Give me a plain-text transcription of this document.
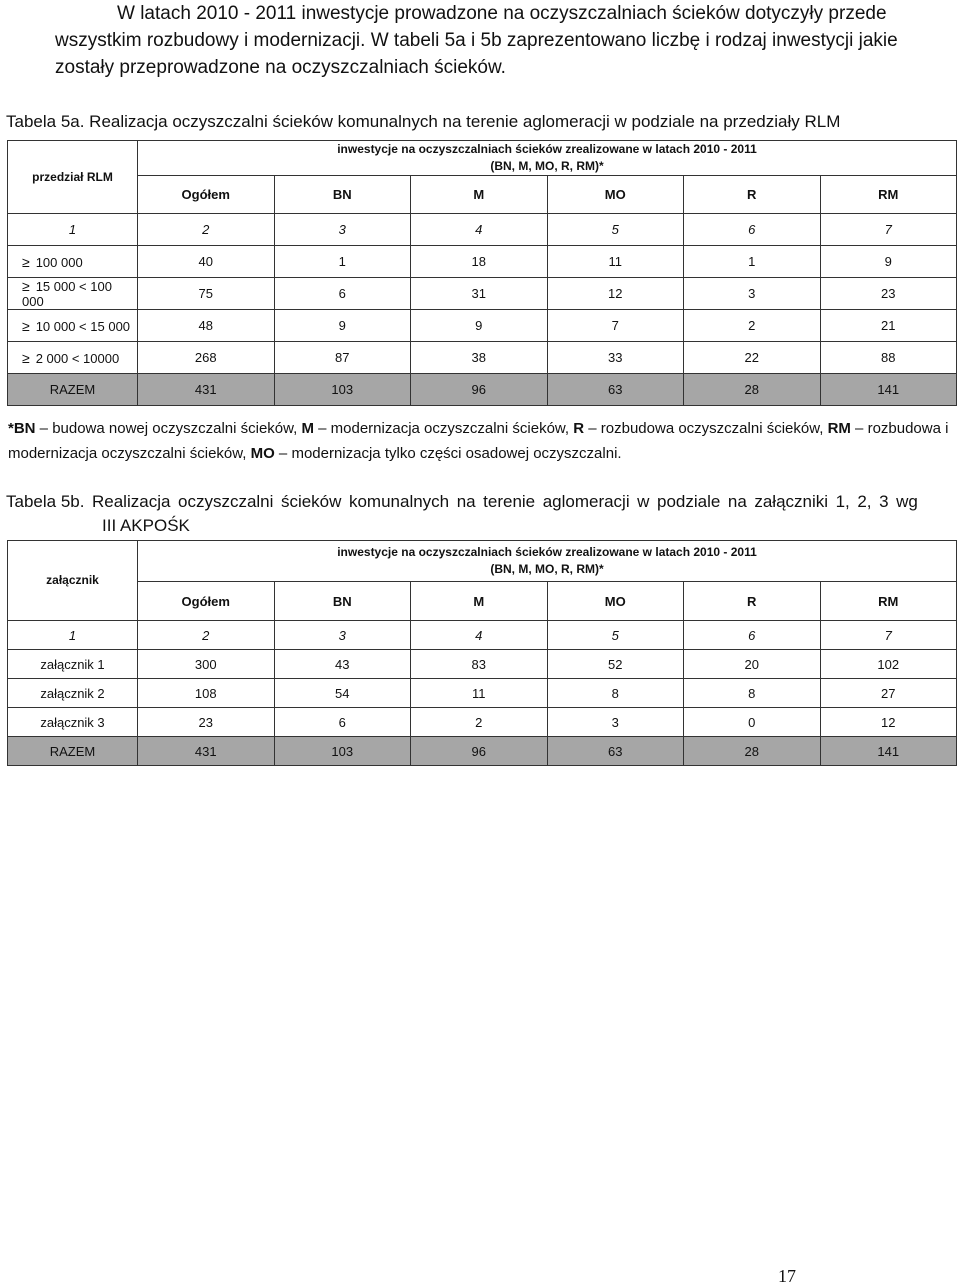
W latach 2010 - 2011 inwestycje prowadzone na oczyszczalniach ścieków dotyczyły przede
wszystkim rozbudowy i modernizacji. W tabeli 5a i 5b zaprezentowano liczbę i rodzaj inwestycji jakie
zostały przeprowadzone na oczyszczalniach ścieków.
Tabela 5a. Realizacja oczyszczalni ścieków komunalnych na terenie aglomeracji w podziale na przedziały RLM
przedział RLM	inwestycje na oczyszczalniach ścieków zrealizowane w latach 2010 - 2011
(BN, M, MO, R, RM)*					

	Ogółem	BN	M	MO	R	RM
1	2	3	4	5	6	7
≥ 100 000	40	1	18	11	1	9
≥ 15 000 < 100 000	75	6	31	12	3	23
≥ 10 000 < 15 000	48	9	9	7	2	21
≥ 2 000 < 10000	268	87	38	33	22	88
RAZEM	431	103	96	63	28	141
*BN – budowa nowej oczyszczalni ścieków, M – modernizacja oczyszczalni ścieków, R – rozbudowa oczyszczalni ścieków, RM – rozbudowa i modernizacja oczyszczalni ścieków, MO – modernizacja tylko części osadowej oczyszczalni.
Tabela 5b. Realizacja oczyszczalni ścieków komunalnych na terenie aglomeracji w podziale na załączniki 1, 2, 3 wg
III AKPOŚK
załącznik	inwestycje na oczyszczalniach ścieków zrealizowane w latach 2010 - 2011
(BN, M, MO, R, RM)*					

	Ogółem	BN	M	MO	R	RM
1	2	3	4	5	6	7
załącznik 1	300	43	83	52	20	102
załącznik 2	108	54	11	8	8	27
załącznik 3	23	6	2	3	0	12
RAZEM	431	103	96	63	28	141
17
